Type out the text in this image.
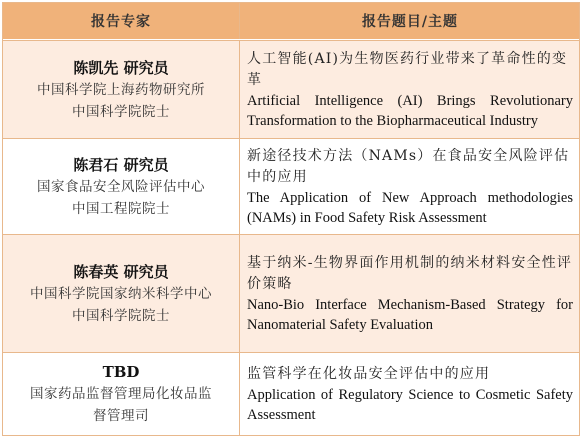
报告专家	报告题目/主题
陈凯先 研究员
中国科学院上海药物研究所
中国科学院院士
人工智能(AI)为生物医药行业带来了革命性的变革
Artificial Intelligence (AI) Brings Revolutionary Transformation to the Biopharmaceutical Industry
陈君石 研究员
国家食品安全风险评估中心
中国工程院院士
新途径技术方法（NAMs）在食品安全风险评估中的应用
The Application of New Approach methodologies (NAMs) in Food Safety Risk Assessment
陈春英 研究员
中国科学院国家纳米科学中心
中国科学院院士
基于纳米-生物界面作用机制的纳米材料安全性评价策略
Nano-Bio Interface Mechanism-Based Strategy for Nanomaterial Safety Evaluation
TBD
国家药品监督管理局化妆品监
督管理司
监管科学在化妆品安全评估中的应用
Application of Regulatory Science to Cosmetic Safety Assessment
